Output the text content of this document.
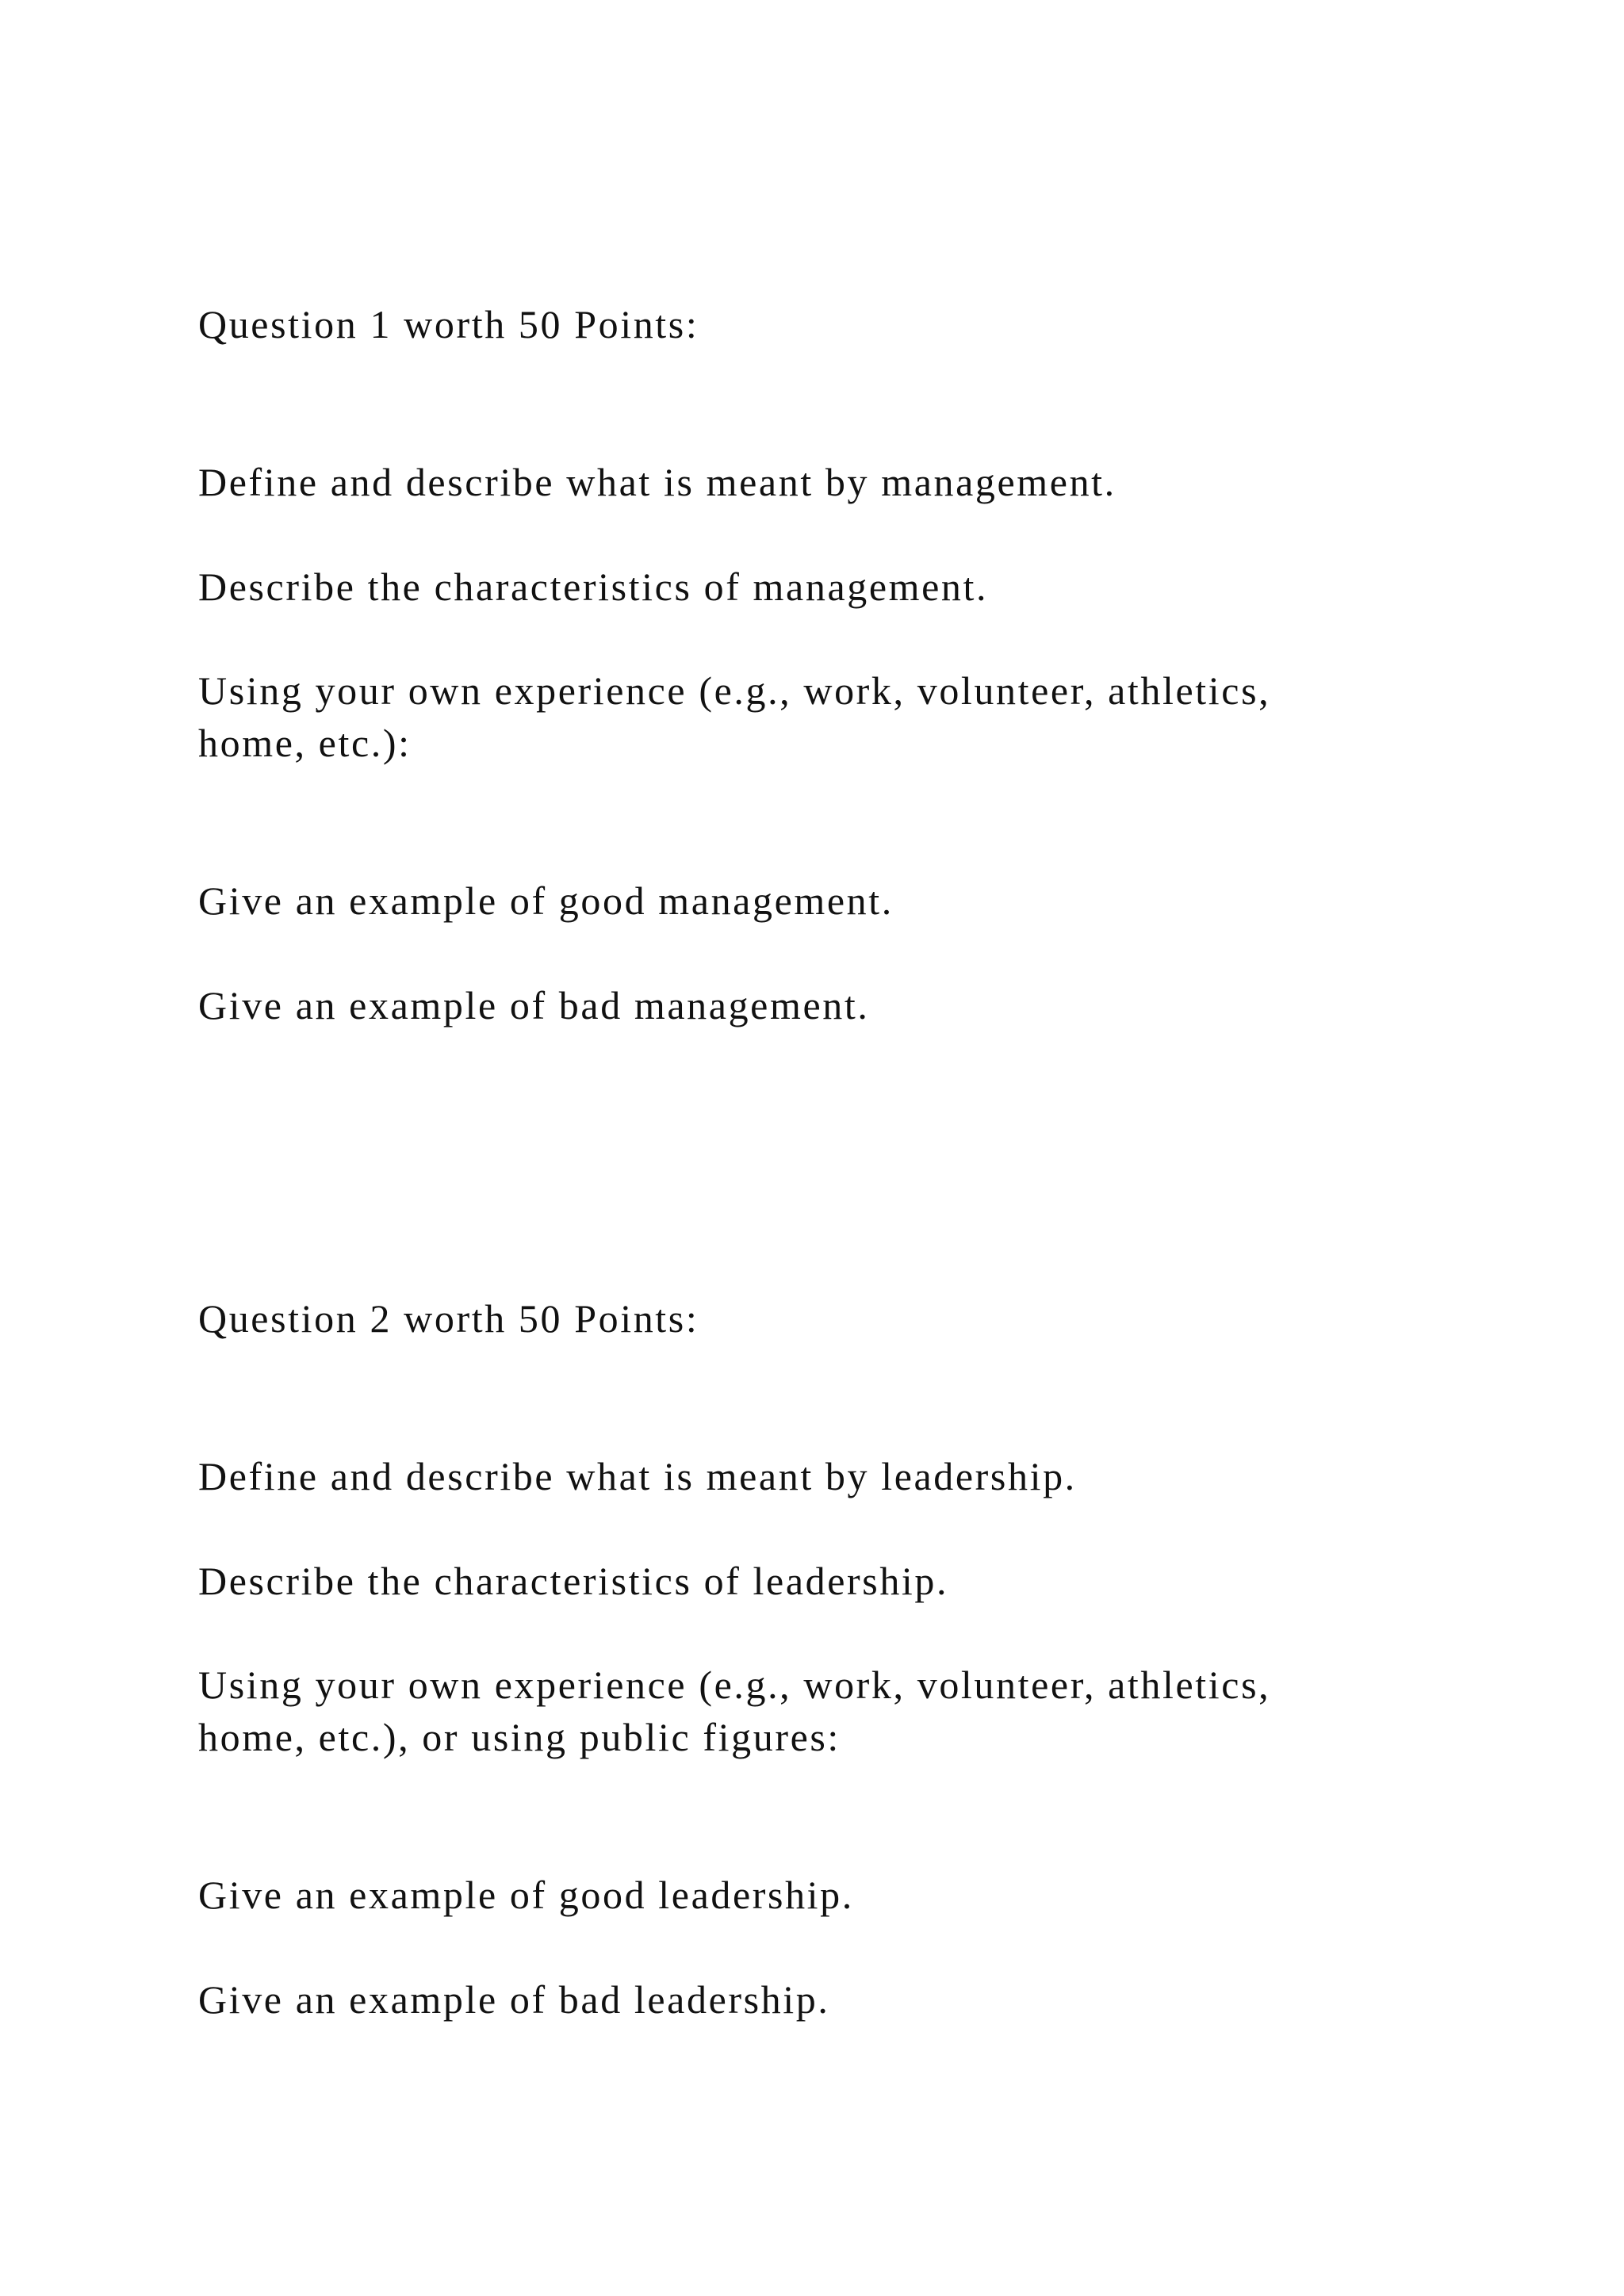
Question 1 worth 50 Points:

Define and describe what is meant by management.

Describe the characteristics of management.

Using your own experience (e.g., work, volunteer, athletics,

home, etc.):

Give an example of good management.

Give an example of bad management.

Question 2 worth 50 Points:

Define and describe what is meant by leadership.

Describe the characteristics of leadership.

Using your own experience (e.g., work, volunteer, athletics,

home, etc.), or using public figures:

Give an example of good leadership.

Give an example of bad leadership.
